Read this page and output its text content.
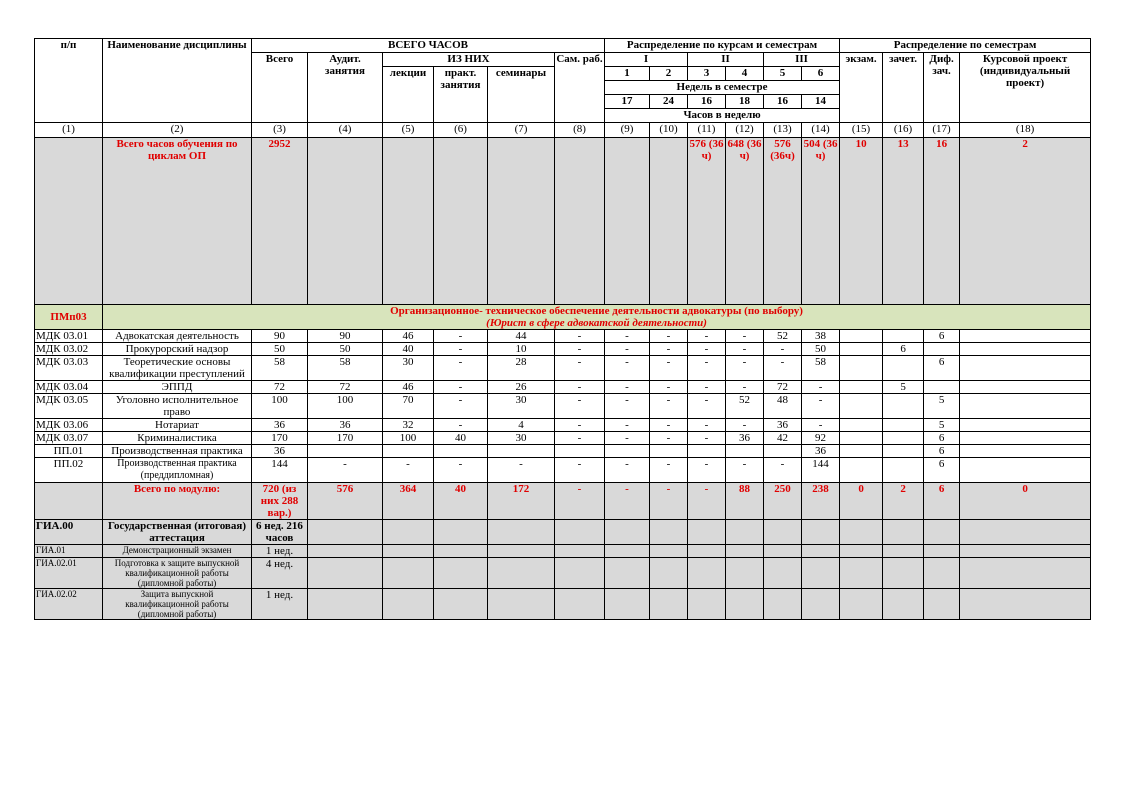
п/п	Наименование дисциплины	ВСЕГО ЧАСОВ						Распределение по курсам и семестрам						Распределение по семестрам			
		Всего	Аудит. занятия	ИЗ НИХ			Сам. раб.	I		II		III		экзам.	зачет.	Диф. зач.	Курсовой проект (индивидуальный проект)
				лекции	практ. занятия	семинары		1	2	3	4	5	6				
								Недель в семестре									
								17	24	16	18	16	14				
								Часов в неделю									
(1)	(2)	(3)	(4)	(5)	(6)	(7)	(8)	(9)	(10)	(11)	(12)	(13)	(14)	(15)	(16)	(17)	(18)
	Всего часов обучения по циклам ОП	2952								576 (36 ч)	648 (36 ч)	576 (36ч)	504 (36 ч)	10	13	16	2
ПМп03	Организационное- техническое обеспечение деятельности адвокатуры (по выбору)
(Юрист в сфере адвокатской деятельности)																

МДК 03.01	Адвокатская деятельность	90	90	46	-	44	-	-	-	-	-	52	38			6	
МДК 03.02	Прокурорский надзор	50	50	40	-	10	-	-	-	-	-	-	50		6		
МДК 03.03	Теоретические основы квалификации преступлений	58	58	30	-	28	-	-	-	-	-	-	58			6	
МДК 03.04	ЭППД	72	72	46	-	26	-	-	-	-	-	72	-		5		
МДК 03.05	Уголовно исполнительное право	100	100	70	-	30	-	-	-	-	52	48	-			5	
МДК 03.06	Нотариат	36	36	32	-	4	-	-	-	-	-	36	-			5	
МДК 03.07	Криминалистика	170	170	100	40	30	-	-	-	-	36	42	92			6	
ПП.01	Производственная практика	36											36			6	
ПП.02	Производственная практика (преддипломная)	144	-	-	-	-	-	-	-	-	-	-	144			6	
	Всего по модулю:	720 (из них 288 вар.)	576	364	40	172	-	-	-	-	88	250	238	0	2	6	0
ГИА.00	Государственная (итоговая) аттестация	6 нед. 216 часов															
ГИА.01	Демонстрационный экзамен	1 нед.															
ГИА.02.01	Подготовка к защите выпускной квалификационной работы (дипломной работы)	4 нед.															
ГИА.02.02	Защита выпускной квалификационной работы (дипломной работы)	1 нед.															
